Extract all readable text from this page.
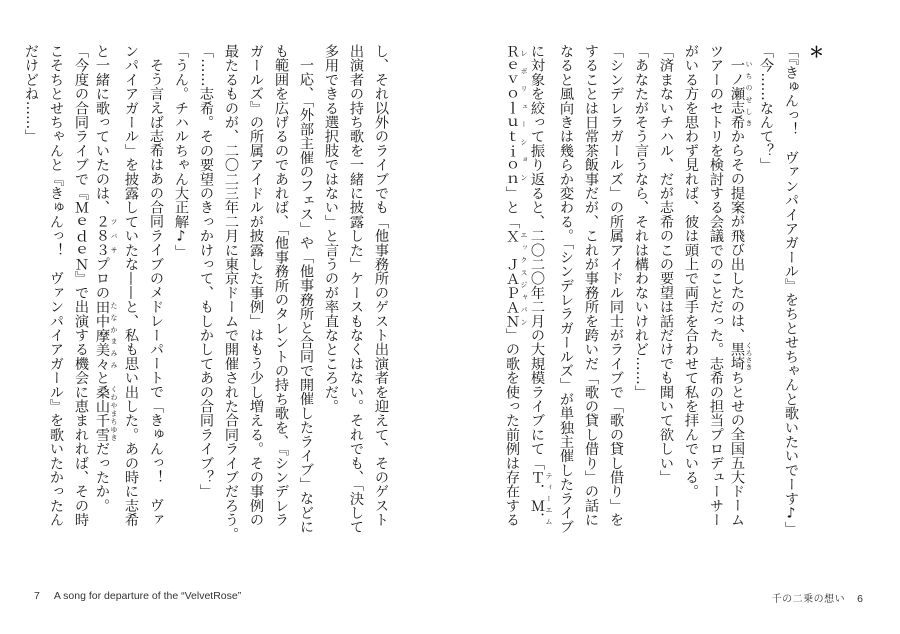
＊
「『きゅんっ！　ヴァンパイアガール』をちとせちゃんと歌いたいでーす♪」
「今……なんて？」
一ノ瀬志希 いちのせしきからその提案が飛び出したのは、黒埼 くろさきちとせの全国五大ドーム
ツアーのセトリを検討する会議でのことだった。志希の担当プロデューサー
がいる方を思わず見れば、彼は頭上で両手を合わせて私を拝んでいる。
「済まないチハル、だが志希のこの要望は話だけでも聞いて欲しい」
「あなたがそう言うなら、それは構わないけれど……」
「シンデレラガールズ」の所属アイドル同士がライブで「歌の貸し借り」を
することは日常茶飯事だが、これが事務所を跨いだ「歌の貸し借り」の話に
なると風向きは幾らか変わる。「シンデレラガールズ」が単独主催したライブ
に対象を絞って振り返ると、二〇二〇年二月の大規模ライブにて「Ｔ．Ｍ． ティーエム
Ｒｅｖｏｌｕｔｉｏｎ レボリューション」と「Ｘ　ＪＡＰＡＮ エックスジャパン」の歌を使った前例は存在する
し、それ以外のライブでも「他事務所のゲスト出演者を迎えて、そのゲスト
出演者の持ち歌を一緒に披露した」ケースもなくはない。それでも、「決して
多用できる選択肢ではない」と言うのが率直なところだ。
一応、「外部主催のフェス」や「他事務所と合同で開催したライブ」などに
も範囲を広げるのであれば、「他事務所のタレントの持ち歌を、『シンデレラ
ガールズ』の所属アイドルが披露した事例」はもう少し増える。その事例の
最たるものが、二〇二三年二月に東京ドームで開催された合同ライブだろう。
「……志希。その要望のきっかけって、もしかしてあの合同ライブ？」
「うん。チハルちゃん大正解♪」
そう言えば志希はあの合同ライブのメドレーパートで「きゅんっ！　ヴァ
ンパイアガール」を披露していたな——と、私も思い出した。あの時に志希
と一緒に歌っていたのは、２８３ ツバサプロの田中摩美々 たなかまみみと桑山千雪 くわやまちゆきだったか。
「今度の合同ライブで『ＭｅｄｅＮ』で出演する機会に恵まれれば、その時
こそちとせちゃんと『きゅんっ！　ヴァンパイアガール』を歌いたかったん
だけどね……」
7 A song for departure of the “VelvetRose”	千の二乗の想い 6
